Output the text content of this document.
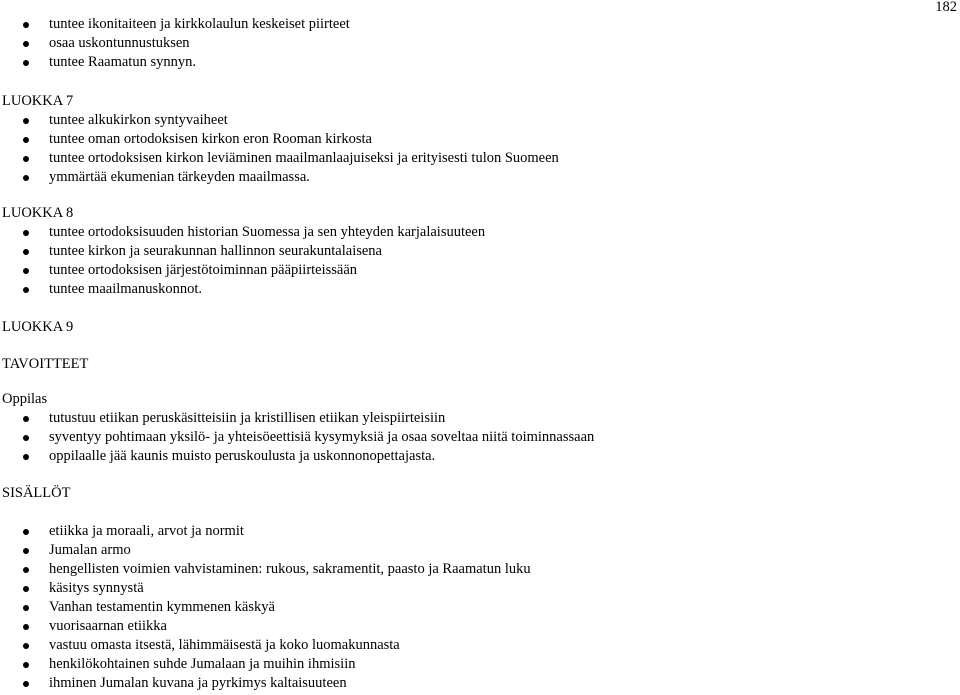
182
tuntee ikonitaiteen ja kirkkolaulun keskeiset piirteet
osaa uskontunnustuksen
tuntee Raamatun synnyn.
LUOKKA 7
tuntee alkukirkon syntyvaiheet
tuntee oman ortodoksisen kirkon eron Rooman kirkosta
tuntee ortodoksisen kirkon leviäminen maailmanlaajuiseksi ja erityisesti tulon Suomeen
ymmärtää ekumenian tärkeyden maailmassa.
LUOKKA 8
tuntee ortodoksisuuden historian Suomessa ja sen yhteyden karjalaisuuteen
tuntee kirkon ja seurakunnan hallinnon seurakuntalaisena
tuntee ortodoksisen järjestötoiminnan pääpiirteissään
tuntee maailmanuskonnot.
LUOKKA 9
TAVOITTEET
Oppilas
tutustuu etiikan peruskäsitteisiin ja kristillisen etiikan yleispiirteisiin
syventyy pohtimaan yksilö- ja yhteisöeettisiä kysymyksiä ja osaa soveltaa niitä toiminnassaan
oppilaalle jää kaunis muisto peruskoulusta ja uskonnonopettajasta.
SISÄLLÖT
etiikka ja moraali, arvot ja normit
Jumalan armo
hengellisten voimien vahvistaminen: rukous, sakramentit, paasto ja Raamatun luku
käsitys synnystä
Vanhan testamentin kymmenen käskyä
vuorisaarnan etiikka
vastuu omasta itsestä, lähimmäisestä ja koko luomakunnasta
henkilökohtainen suhde Jumalaan ja muihin ihmisiin
ihminen Jumalan kuvana ja pyrkimys kaltaisuuteen
